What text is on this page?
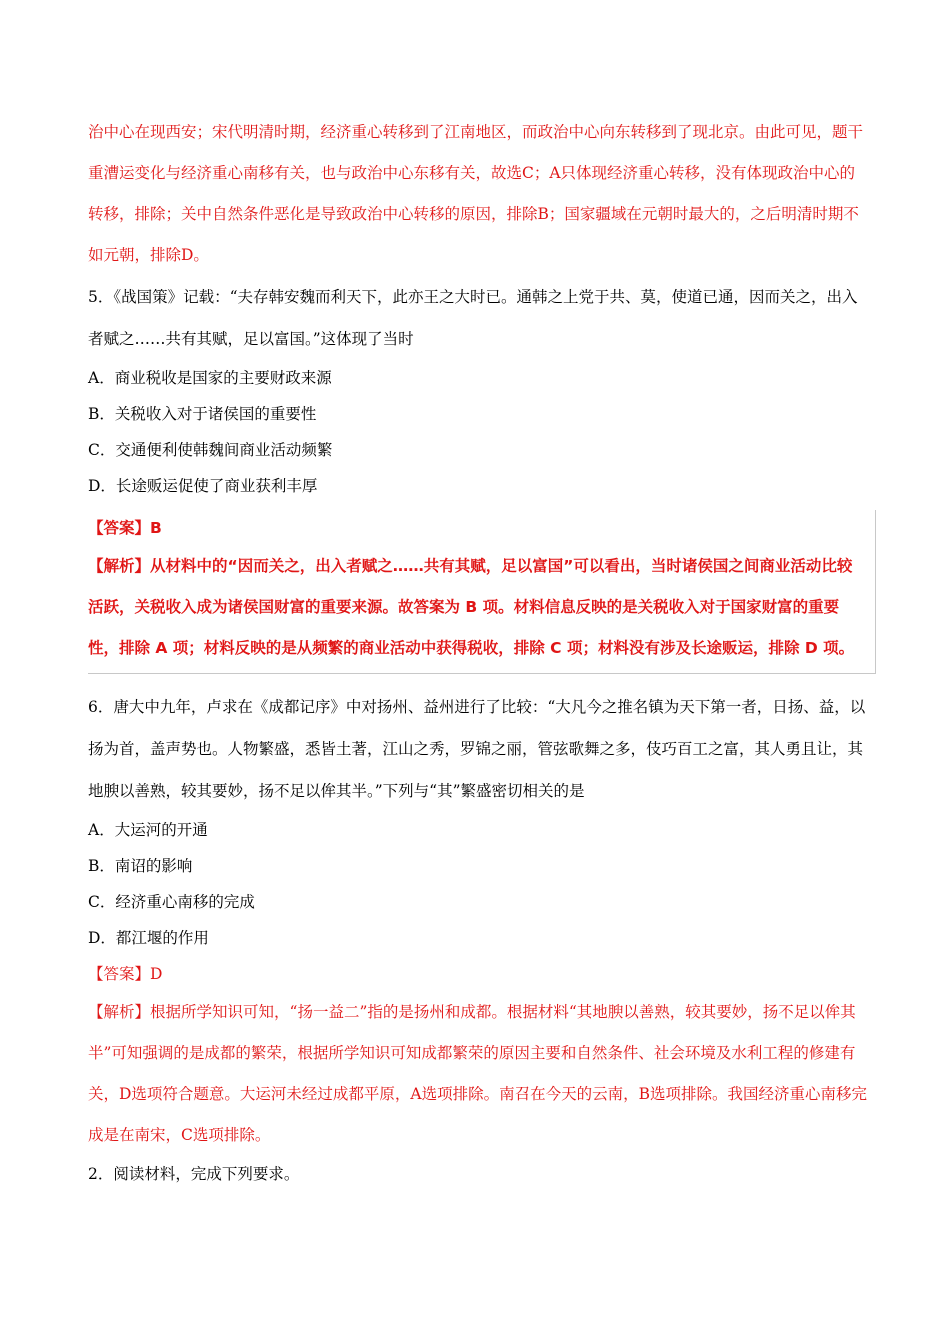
治中心在现西安；宋代明清时期，经济重心转移到了江南地区，而政治中心向东转移到了现北京。由此可见，题干重漕运变化与经济重心南移有关，也与政治中心东移有关，故选C；A只体现经济重心转移，没有体现政治中心的转移，排除；关中自然条件恶化是导致政治中心转移的原因，排除B；国家疆域在元朝时最大的，之后明清时期不如元朝，排除D。
5．《战国策》记载：“夫存韩安魏而利天下，此亦王之大时已。通韩之上党于共、莫，使道已通，因而关之，出入者赋之……共有其赋，足以富国。”这体现了当时
A．商业税收是国家的主要财政来源
B．关税收入对于诸侯国的重要性
C．交通便利使韩魏间商业活动频繁
D．长途贩运促使了商业获利丰厚
【答案】B
【解析】从材料中的“因而关之，出入者赋之……共有其赋，足以富国”可以看出，当时诸侯国之间商业活动比较活跃，关税收入成为诸侯国财富的重要来源。故答案为 B 项。材料信息反映的是关税收入对于国家财富的重要性，排除 A 项；材料反映的是从频繁的商业活动中获得税收，排除 C 项；材料没有涉及长途贩运，排除 D 项。
6．唐大中九年，卢求在《成都记序》中对扬州、益州进行了比较：“大凡今之推名镇为天下第一者，日扬、益，以扬为首，盖声势也。人物繁盛，悉皆土著，江山之秀，罗锦之丽，管弦歌舞之多，伎巧百工之富，其人勇且让，其地腴以善熟，较其要妙，扬不足以侔其半。”下列与“其”繁盛密切相关的是
A．大运河的开通
B．南诏的影响
C．经济重心南移的完成
D．都江堰的作用
【答案】D
【解析】根据所学知识可知，“扬一益二”指的是扬州和成都。根据材料“其地腴以善熟，较其要妙，扬不足以侔其半”可知强调的是成都的繁荣，根据所学知识可知成都繁荣的原因主要和自然条件、社会环境及水利工程的修建有关，D选项符合题意。大运河未经过成都平原，A选项排除。南召在今天的云南，B选项排除。我国经济重心南移完成是在南宋，C选项排除。
2．阅读材料，完成下列要求。
